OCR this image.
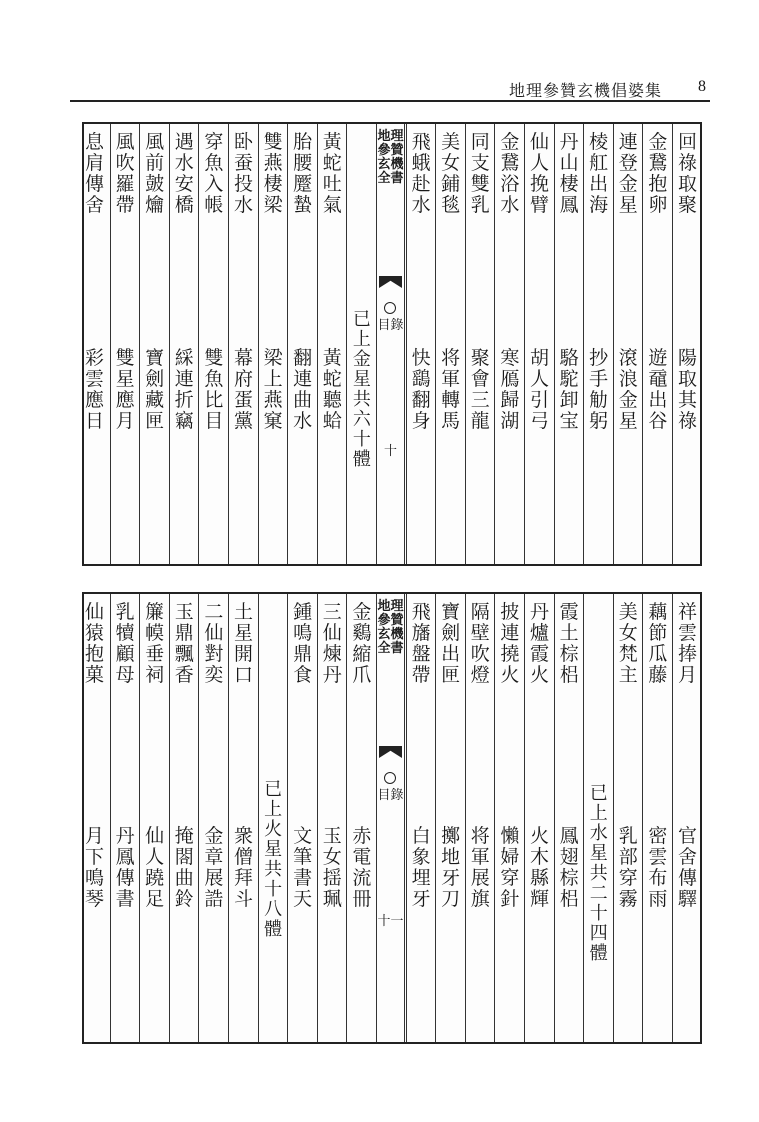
地理參贊玄機倡婆集 8
回祿取聚
陽取其祿
金鵞抱卵
遊黿出谷
連登金星
滾浪金星
棱舡出海
抄手觔躬
丹山棲鳳
駱駝卸宝
仙人挽臂
胡人引弓
金鵞浴水
寒鴈歸湖
同支雙乳
聚會三龍
美女鋪毯
将軍轉馬
飛蛾赴水
快鷂翻身
地理參贊玄機全書
目錄
十
已上金星共六十體
黃蛇吐氣
黃蛇聽蛤
胎腰蹷蟄
翻連曲水
雙燕棲梁
梁上燕窠
卧蚕投水
幕府蛋黨
穿魚入帳
雙魚比目
遇水安橋
綵連折竊
風前皷爚
寶劍藏匣
風吹羅帶
雙星應月
息肩傳舍
彩雲應日
祥雲捧月
官舍傳驛
藕節瓜藤
密雲布雨
美女梵主
乳部穿霧
已上水星共二十四體
霞土棕梠
鳳翅棕梠
丹爐霞火
火木縣輝
披連撓火
懶婦穿針
隔壁吹燈
将軍展旗
寶劍出匣
擲地牙刀
飛旛盤帶
白象埋牙
地理參贊玄機全書
目錄
十一
金鷄縮爪
赤電流冊
三仙煉丹
玉女揺珮
鍾鳴鼎食
文筆書天
已上火星共十八體
土星開口
衆僧拜斗
二仙對奕
金章展誥
玉鼎飄香
掩閤曲鈴
簾幙垂祠
仙人蹺足
乳犢顧母
丹鳳傳書
仙猿抱菓
月下鳴琴
